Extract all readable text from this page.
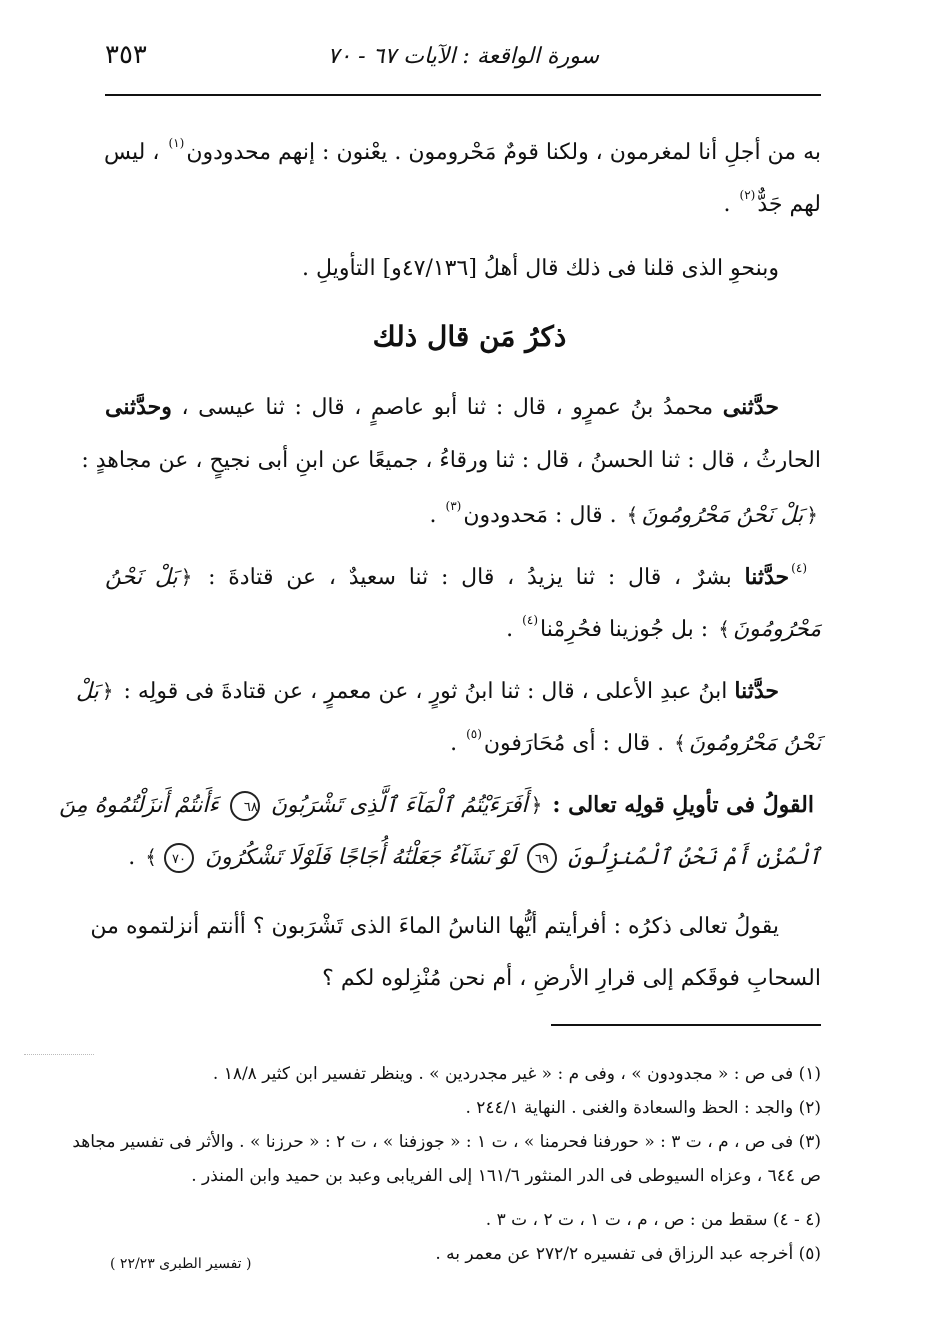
سورة الواقعة : الآيات ٦٧ - ٧٠
٣٥٣
به من أجلِ أنا لمغرمون ، ولكنا قومٌ مَحْرومون . يعْنون : إنهم محدودون$^{(١)}$ ، ليس
لهم جَدٌّ$^{(٢)}$ .
وبنحوِ الذى قلنا فى ذلك قال أهلُ [٤٧/١٣٦و] التأويلِ .
ذكرُ مَن قال ذلك
حدَّثنى محمدُ بنُ عمرٍو ، قال : ثنا أبو عاصمٍ ، قال : ثنا عيسى ، وحدَّثنى
الحارثُ ، قال : ثنا الحسنُ ، قال : ثنا ورقاءُ ، جميعًا عن ابنِ أبى نجيحٍ ، عن مجاهدٍ :
﴿بَلْ نَحْنُ مَحْرُومُونَ﴾ . قال : مَحدودون$^{(٣)}$ .
$^{(٤)}$حدَّثنا بشرٌ ، قال : ثنا يزيدُ ، قال : ثنا سعيدٌ ، عن قتادةَ : ﴿بَلْ نَحْنُ
مَحْرُومُونَ﴾ : بل جُوزينا فحُرِمْنا$^{(٤)}$ .
حدَّثنا ابنُ عبدِ الأعلى ، قال : ثنا ابنُ ثورٍ ، عن معمرٍ ، عن قتادةَ فى قولِه : ﴿بَلْ
نَحْنُ مَحْرُومُونَ﴾ . قال : أى مُحَارَفون$^{(٥)}$ .
القولُ فى تأويلِ قولِه تعالى : ﴿أَفَرَءَيْتُمُ ٱلْمَآءَ ٱلَّذِى تَشْرَبُونَ ٦٨ ءَأَنتُمْ أَنزَلْتُمُوهُ مِنَ
ٱلْمُزْنِ أَمْ نَحْنُ ٱلْمُنزِلُونَ ٦٩ لَوْ نَشَآءُ جَعَلْنَٰهُ أُجَاجًا فَلَوْلَا تَشْكُرُونَ ٧٠﴾ .
يقولُ تعالى ذكرُه : أفرأيتم أيُّها الناسُ الماءَ الذى تَشْرَبون ؟ أأنتم أنزلتموه من
السحابِ فوقَكم إلى قرارِ الأرضِ ، أم نحن مُنْزِلوه لكم ؟
(١) فى ص : « مجدودون » ، وفى م : « غير مجدردين » . وينظر تفسير ابن كثير ١٨/٨ .
(٢) والجد : الحظ والسعادة والغنى . النهاية ٢٤٤/١ .
(٣) فى ص ، م ، ت ٣ : « حورفنا فحرمنا » ، ت ١ : « جوزفنا » ، ت ٢ : « حرزنا » . والأثر فى تفسير مجاهد
ص ٦٤٤ ، وعزاه السيوطى فى الدر المنثور ١٦١/٦ إلى الفريابى وعبد بن حميد وابن المنذر .
(٤ - ٤) سقط من : ص ، م ، ت ١ ، ت ٢ ، ت ٣ .
(٥) أخرجه عبد الرزاق فى تفسيره ٢٧٢/٢ عن معمر به .
( تفسير الطبرى ٢٢/٢٣ )
